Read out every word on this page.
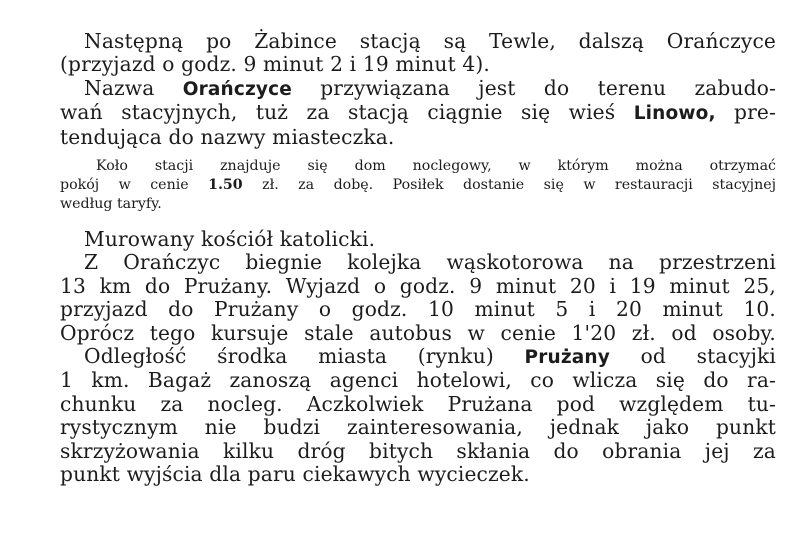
Następną po Żabince stacją są Tewle, dalszą Orańczyce
(przyjazd o godz. 9 minut 2 i 19 minut 4).
Nazwa Orańczyce przywiązana jest do terenu zabudo-
wań stacyjnych, tuż za stacją ciągnie się wieś Linowo, pre-
tendująca do nazwy miasteczka.
Koło stacji znajduje się dom noclegowy, w którym można otrzymać
pokój w cenie 1.50 zł. za dobę. Posiłek dostanie się w restauracji stacyjnej
według taryfy.
Murowany kościół katolicki.
Z Orańczyc biegnie kolejka wąskotorowa na przestrzeni
13 km do Prużany. Wyjazd o godz. 9 minut 20 i 19 minut 25,
przyjazd do Prużany o godz. 10 minut 5 i 20 minut 10.
Oprócz tego kursuje stale autobus w cenie 1'20 zł. od osoby.
Odległość środka miasta (rynku) Prużany od stacyjki
1 km. Bagaż zanoszą agenci hotelowi, co wlicza się do ra-
chunku za nocleg. Aczkolwiek Prużana pod względem tu-
rystycznym nie budzi zainteresowania, jednak jako punkt
skrzyżowania kilku dróg bitych skłania do obrania jej za
punkt wyjścia dla paru ciekawych wycieczek.
